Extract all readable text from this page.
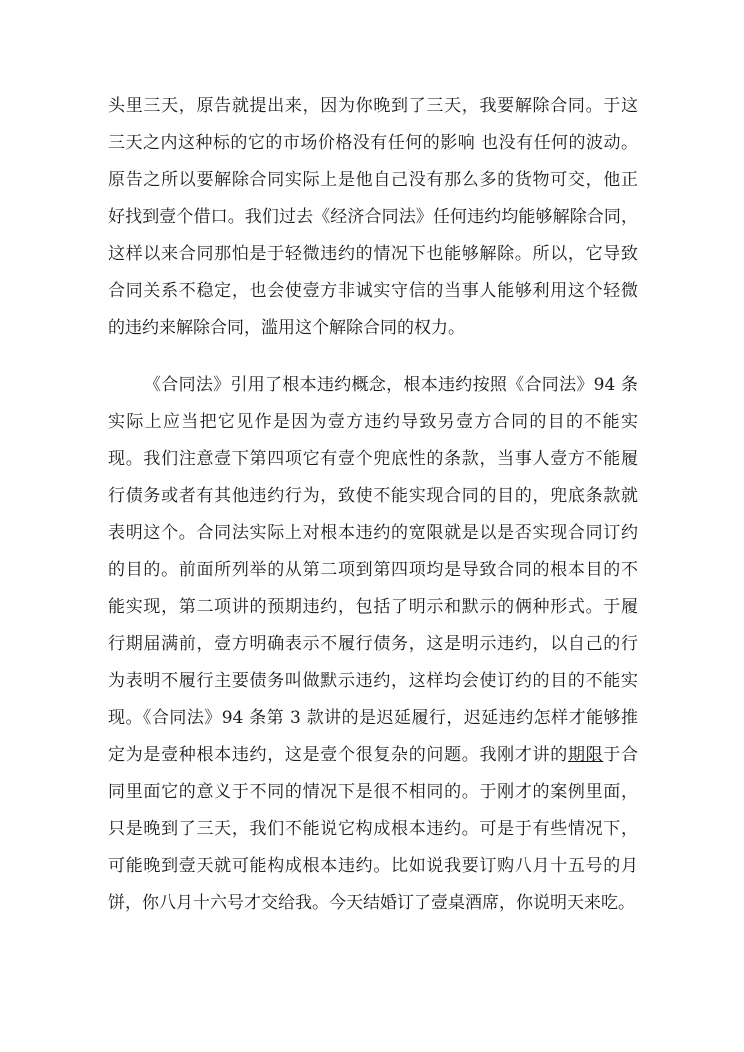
头里三天，原告就提出来，因为你晚到了三天，我要解除合同。于这
三天之内这种标的它的市场价格没有任何的影响 也没有任何的波动。
原告之所以要解除合同实际上是他自己没有那么多的货物可交，他正
好找到壹个借口。我们过去《经济合同法》任何违约均能够解除合同，
这样以来合同那怕是于轻微违约的情况下也能够解除。所以，它导致
合同关系不稳定，也会使壹方非诚实守信的当事人能够利用这个轻微
的违约来解除合同，滥用这个解除合同的权力。
《合同法》引用了根本违约概念，根本违约按照《合同法》94 条
实际上应当把它见作是因为壹方违约导致另壹方合同的目的不能实
现。我们注意壹下第四项它有壹个兜底性的条款，当事人壹方不能履
行债务或者有其他违约行为，致使不能实现合同的目的，兜底条款就
表明这个。合同法实际上对根本违约的宽限就是以是否实现合同订约
的目的。前面所列举的从第二项到第四项均是导致合同的根本目的不
能实现，第二项讲的预期违约，包括了明示和默示的俩种形式。于履
行期届满前，壹方明确表示不履行债务，这是明示违约，以自己的行
为表明不履行主要债务叫做默示违约，这样均会使订约的目的不能实
现。《合同法》94 条第 3 款讲的是迟延履行，迟延违约怎样才能够推
定为是壹种根本违约，这是壹个很复杂的问题。我刚才讲的期限于合
同里面它的意义于不同的情况下是很不相同的。于刚才的案例里面，
只是晚到了三天，我们不能说它构成根本违约。可是于有些情况下，
可能晚到壹天就可能构成根本违约。比如说我要订购八月十五号的月
饼，你八月十六号才交给我。今天结婚订了壹桌酒席，你说明天来吃。
